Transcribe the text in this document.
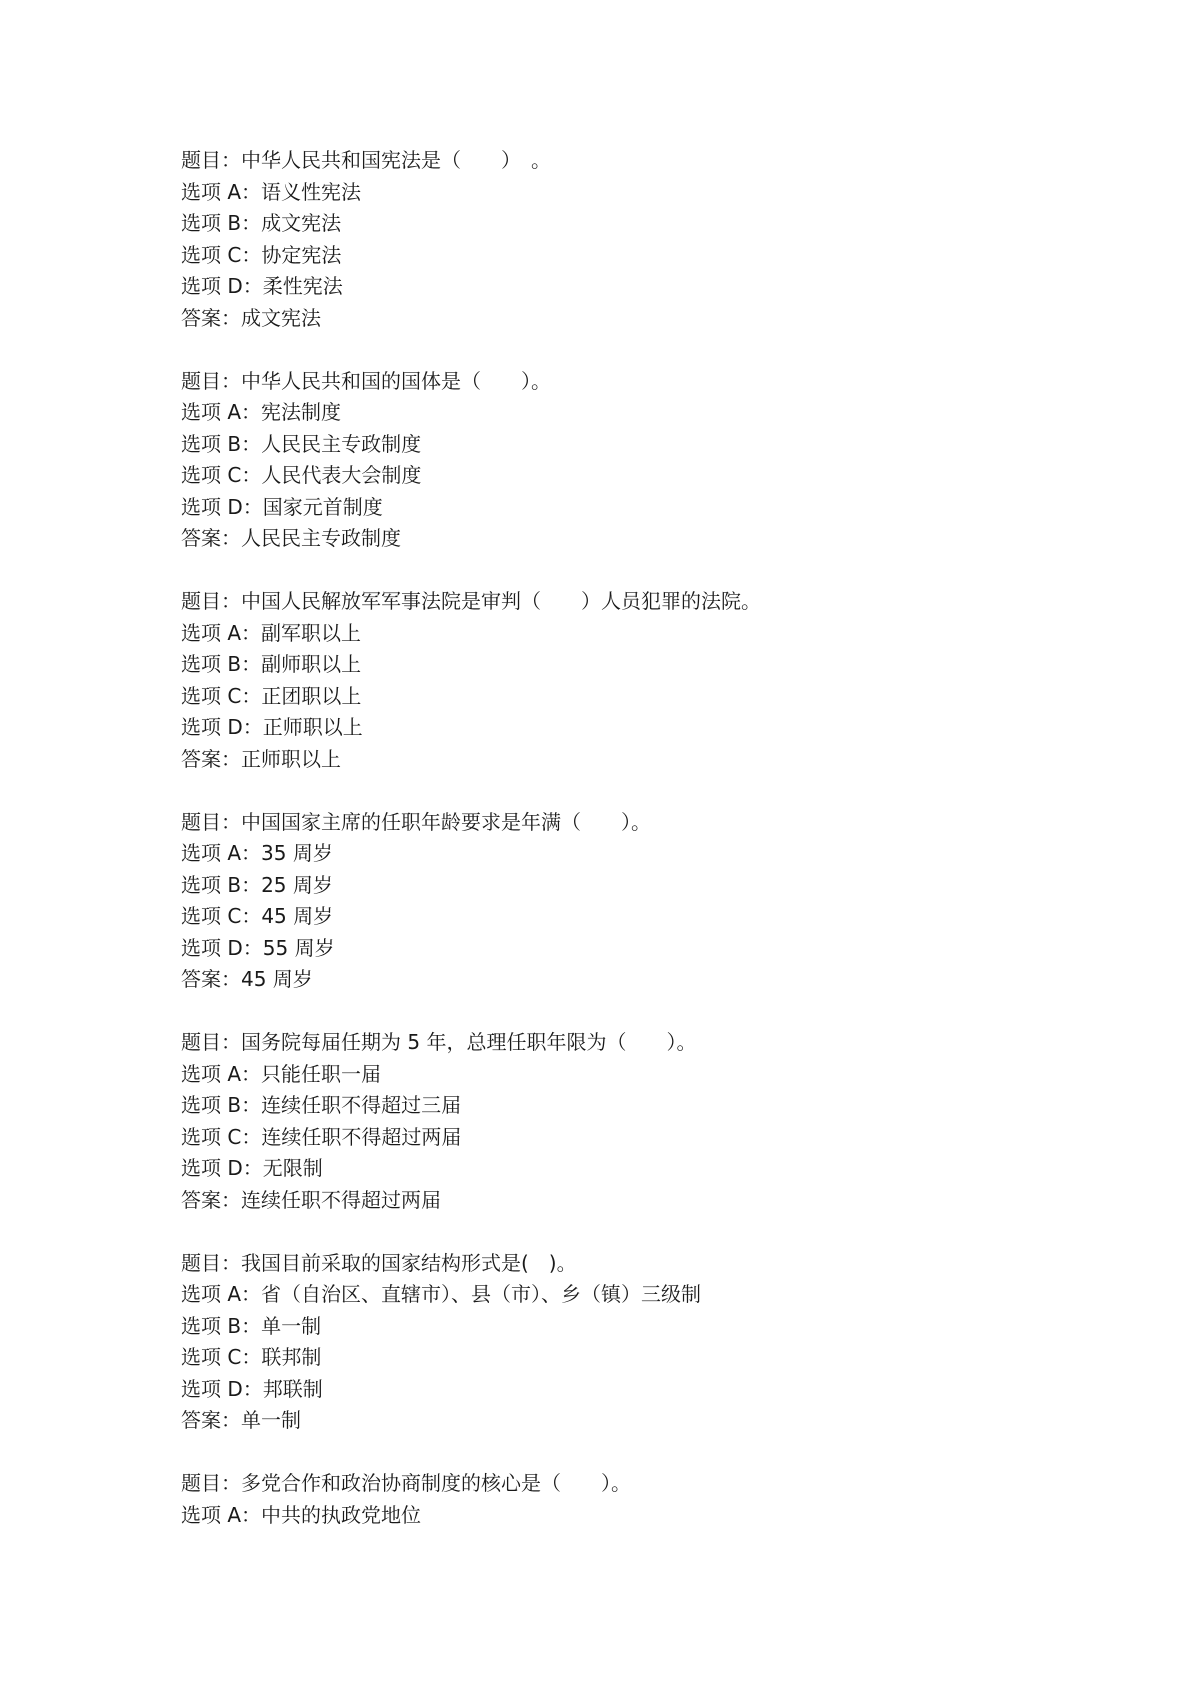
题目：中华人民共和国宪法是（　　）　。
选项 A：语义性宪法
选项 B：成文宪法
选项 C：协定宪法
选项 D：柔性宪法
答案：成文宪法
题目：中华人民共和国的国体是（　　）。
选项 A：宪法制度
选项 B：人民民主专政制度
选项 C：人民代表大会制度
选项 D：国家元首制度
答案：人民民主专政制度
题目：中国人民解放军军事法院是审判（　　）人员犯罪的法院。
选项 A：副军职以上
选项 B：副师职以上
选项 C：正团职以上
选项 D：正师职以上
答案：正师职以上
题目：中国国家主席的任职年龄要求是年满（　　）。
选项 A：35 周岁
选项 B：25 周岁
选项 C：45 周岁
选项 D：55 周岁
答案：45 周岁
题目：国务院每届任期为 5 年，总理任职年限为（　　）。
选项 A：只能任职一届
选项 B：连续任职不得超过三届
选项 C：连续任职不得超过两届
选项 D：无限制
答案：连续任职不得超过两届
题目：我国目前采取的国家结构形式是(　)。
选项 A：省（自治区、直辖市）、县（市）、乡（镇）三级制
选项 B：单一制
选项 C：联邦制
选项 D：邦联制
答案：单一制
题目：多党合作和政治协商制度的核心是（　　）。
选项 A：中共的执政党地位
